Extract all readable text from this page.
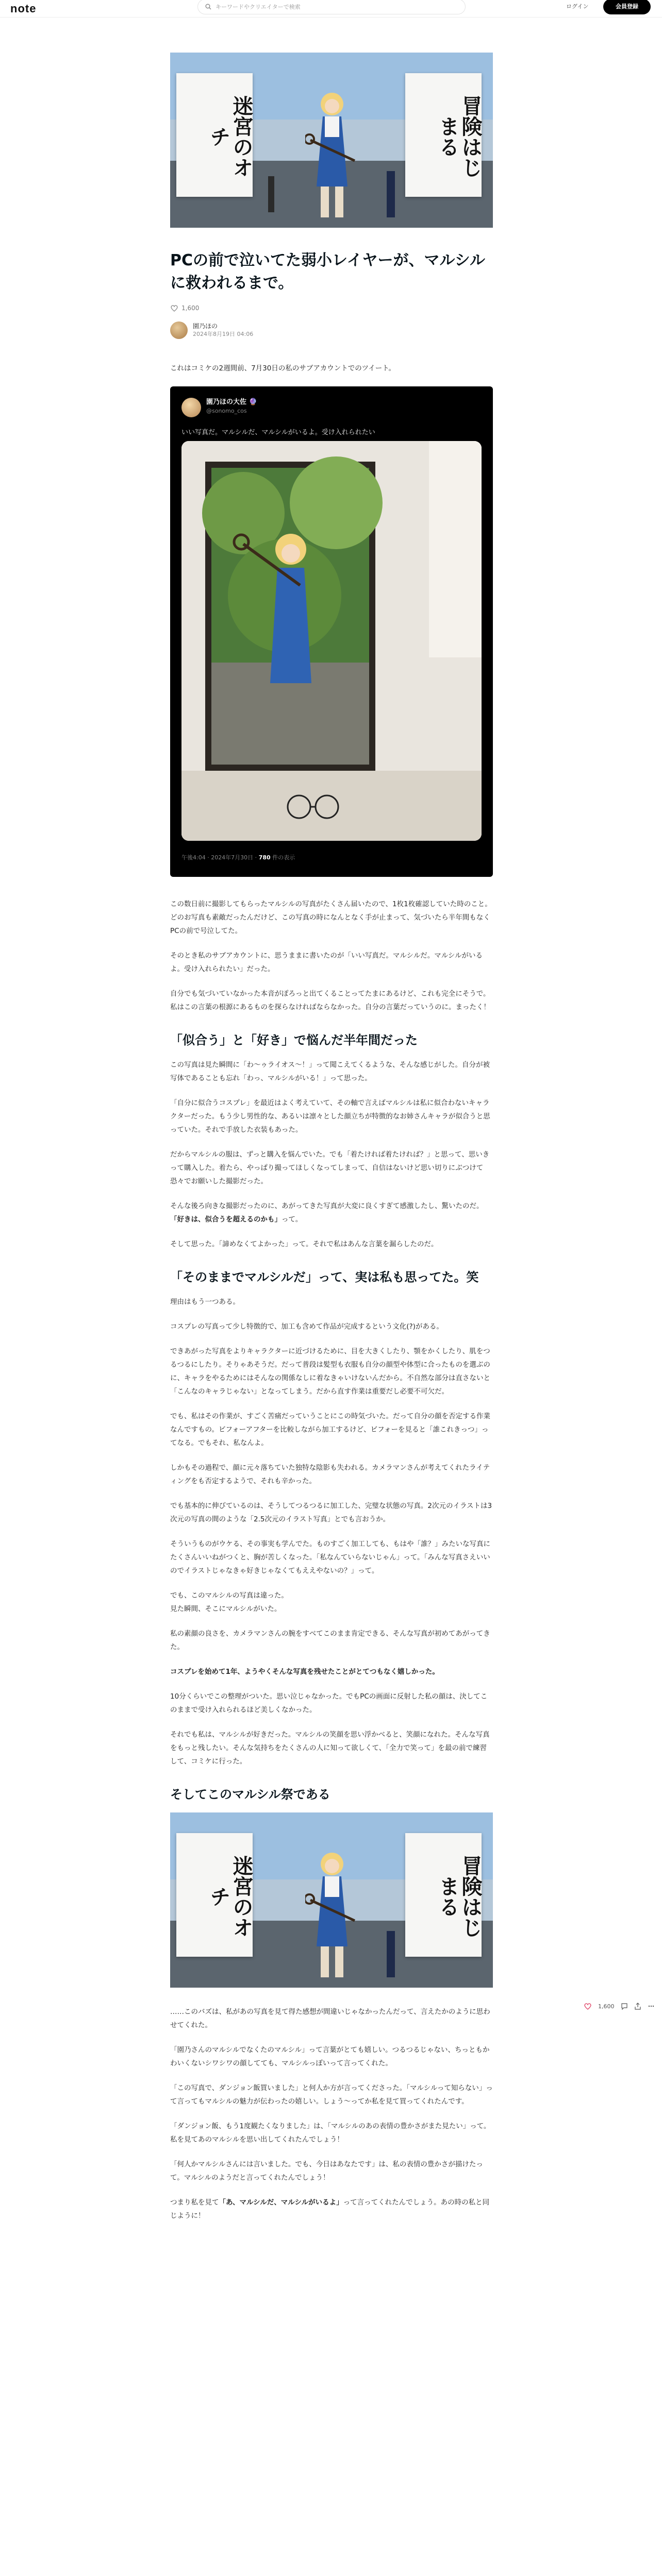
note	キーワードやクリエイターで検索	ログイン	会員登録
迷宮のオチ	冒険はじまる
PCの前で泣いてた弱小レイヤーが、マルシルに救われるまで。
1,600
園乃ほの
2024年8月19日 04:06

これはコミケの2週間前、7月30日の私のサブアカウントでのツイート。

園乃ほの大佐 🔮
@sonomo_cos
いい写真だ。マルシルだ、マルシルがいるよ。受け入れられたい
午後4:04 · 2024年7月30日 · 780 件の表示

この数日前に撮影してもらったマルシルの写真がたくさん届いたので、1枚1枚確認していた時のこと。どのお写真も素敵だったんだけど、この写真の時になんとなく手が止まって、気づいたら半年間もなくPCの前で号泣してた。

そのとき私のサブアカウントに、思うままに書いたのが「いい写真だ。マルシルだ。マルシルがいるよ。受け入れられたい」だった。

自分でも気づいていなかった本音がぽろっと出てくることってたまにあるけど、これも完全にそうで。私はこの言葉の根源にあるものを探らなければならなかった。自分の言葉だっていうのに。まったく！

「似合う」と「好き」で悩んだ半年間だった

この写真は見た瞬間に「わ〜ゥライオス〜！」って聞こえてくるような、そんな感じがした。自分が被写体であることも忘れ「わっ、マルシルがいる！」って思った。

「自分に似合うコスプレ」を最近はよく考えていて、その軸で言えばマルシルは私に似合わないキャラクターだった。もう少し男性的な、あるいは凛々とした顔立ちが特徴的なお姉さんキャラが似合うと思っていた。それで手放した衣装もあった。

だからマルシルの服は、ずっと購入を悩んでいた。でも「着たければ着たければ？」と思って、思いきって購入した。着たら、やっぱり撮ってほしくなってしまって、自信はないけど思い切りにぶつけて恐々でお願いした撮影だった。

そんな後ろ向きな撮影だったのに、あがってきた写真が大変に良くすぎて感激したし、驚いたのだ。「好きは、似合うを超えるのかも」って。

そして思った。「諦めなくてよかった」って。それで私はあんな言葉を漏らしたのだ。

「そのままでマルシルだ」って、実は私も思ってた。笑

理由はもう一つある。

コスプレの写真って少し特徴的で、加工も含めて作品が完成するという文化(?)がある。

できあがった写真をよりキャラクターに近づけるために、目を大きくしたり、顎をかくしたり、肌をつるつるにしたり。そりゃあそうだ。だって普段は髪型も衣服も自分の顔型や体型に合ったものを選ぶのに、キャラをやるためにはそんなの関係なしに着なきゃいけないんだから。不自然な部分は直さないと「こんなのキャラじゃない」となってしまう。だから直す作業は重要だし必要不可欠だ。

でも、私はその作業が、すごく苦痛だっていうことにこの時気づいた。だって自分の顔を否定する作業なんですもの。ビフォーアフターを比較しながら加工するけど、ビフォーを見ると「誰これきっつ」ってなる。でもそれ、私なんよ。

しかもその過程で、顔に元々落ちていた独特な陰影も失われる。カメラマンさんが考えてくれたライティングをも否定するようで、それも辛かった。

でも基本的に伸びているのは、そうしてつるつるに加工した、完璧な状態の写真。2次元のイラストは3次元の写真の間のような「2.5次元のイラスト写真」とでも言おうか。

そういうものがウケる、その事実も学んでた。ものすごく加工しても、もはや「誰？」みたいな写真にたくさんいいねがつくと、胸が苦しくなった。「私なんていらないじゃん」って。「みんな写真さえいいのでイラストじゃなきゃ好きじゃなくてもええやないの？」って。

でも、このマルシルの写真は違った。
見た瞬間、そこにマルシルがいた。

私の素顔の良さを、カメラマンさんの腕をすべてこのまま肯定できる、そんな写真が初めてあがってきた。

コスプレを始めて1年、ようやくそんな写真を残せたことがとてつもなく嬉しかった。

10分くらいでこの整理がついた。思い泣じゃなかった。でもPCの画面に反射した私の顔は、決してこのままで受け入れられるほど美しくなかった。

それでも私は、マルシルが好きだった。マルシルの笑顔を思い浮かべると、笑顔になれた。そんな写真をもっと残したい。そんな気持ちをたくさんの人に知って欲しくて、「全力で笑って」を最の前で練習して、コミケに行った。

そしてこのマルシル祭である
迷宮のオチ	冒険はじまる

……このバズは、私があの写真を見て得た感想が間違いじゃなかったんだって、言えたかのように思わせてくれた。

「園乃さんのマルシルでなくたのマルシル」って言葉がとても嬉しい。つるつるじゃない、ちっともかわいくないシワシワの顔してても、マルシルっぽいって言ってくれた。

「この写真で、ダンジョン飯買いました」と何人か方が言ってくださった。「マルシルって知らない」って言ってもマルシルの魅力が伝わったの嬉しい。しょう〜ってか私を見て買ってくれたんです。

「ダンジョン飯、もう1度観たくなりました」は、「マルシルのあの表情の豊かさがまた見たい」って。私を見てあのマルシルを思い出してくれたんでしょう！

「何人かマルシルさんには言いました。でも、今日はあなたです」は、私の表情の豊かさが描けたって。マルシルのようだと言ってくれたんでしょう！

つまり私を見て「あ、マルシルだ、マルシルがいるよ」って言ってくれたんでしょう。あの時の私と同じように！

1,600
